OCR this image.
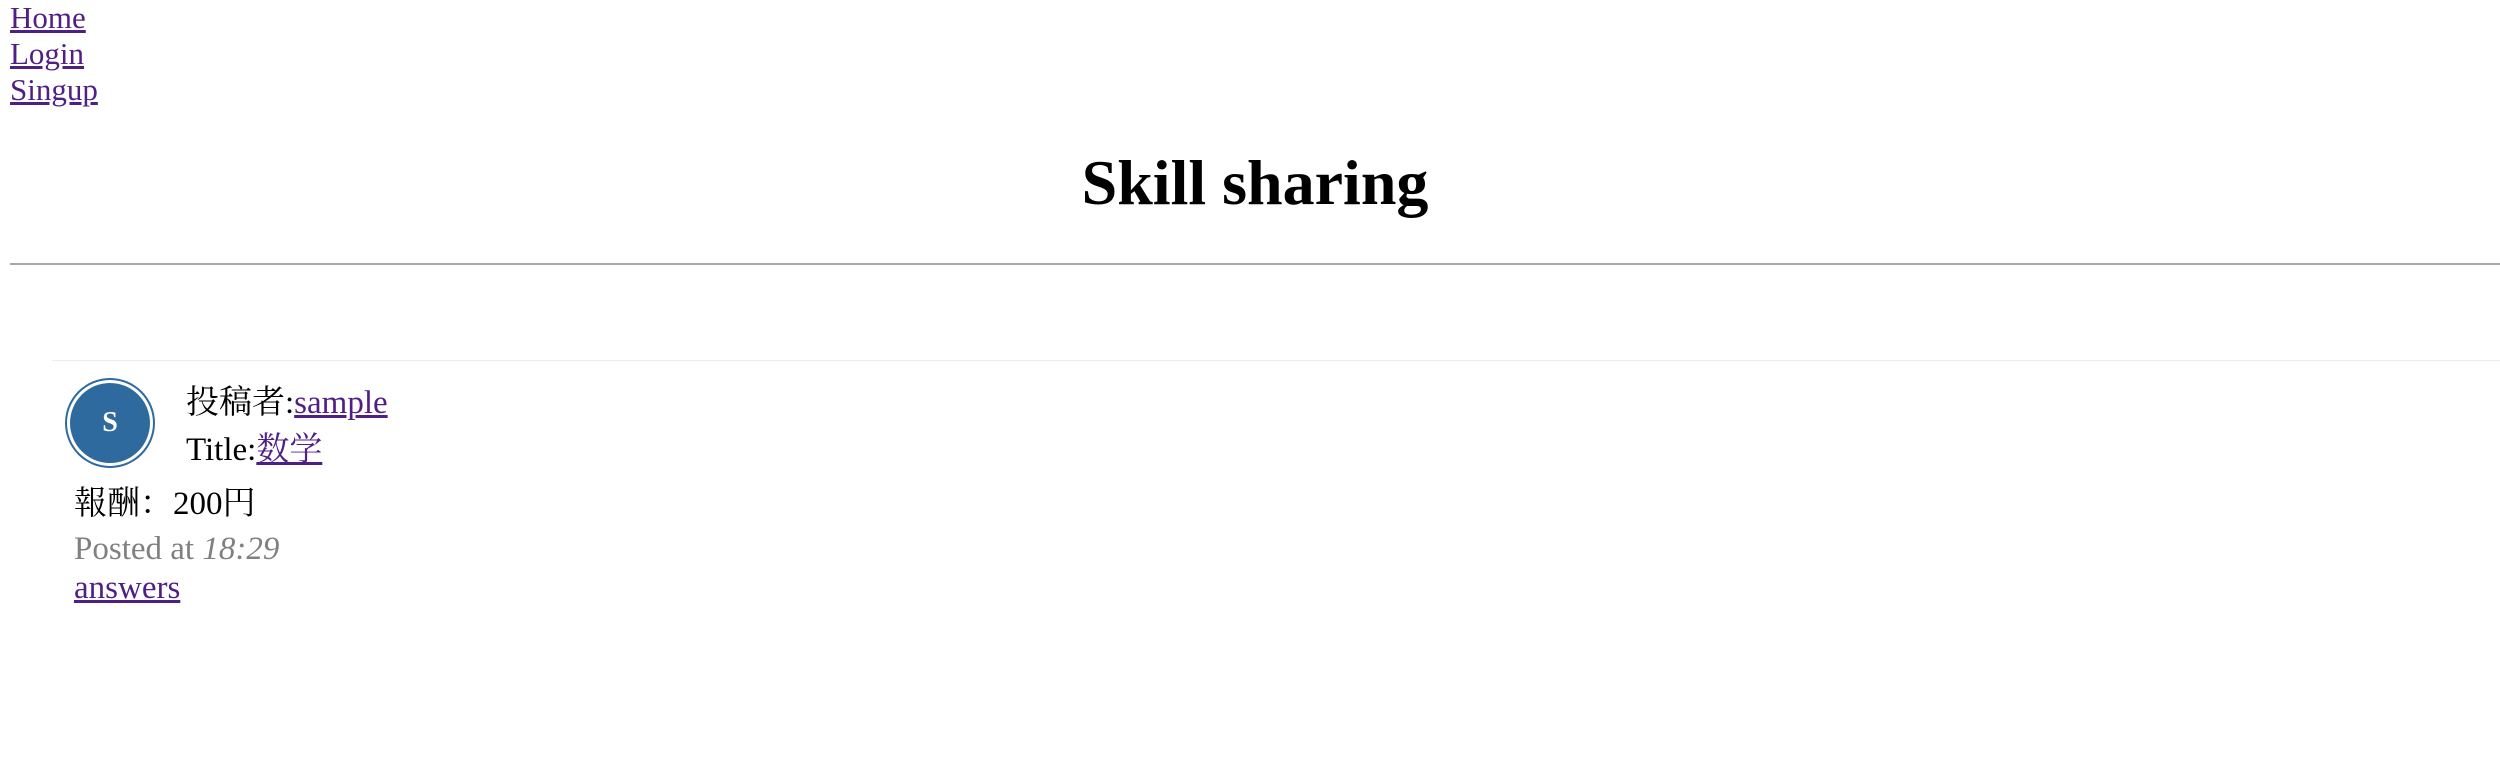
Home
Login
Singup
Skill sharing
S
投稿者:sample
Title:数学
報酬：200円
Posted at 18:29
answers
